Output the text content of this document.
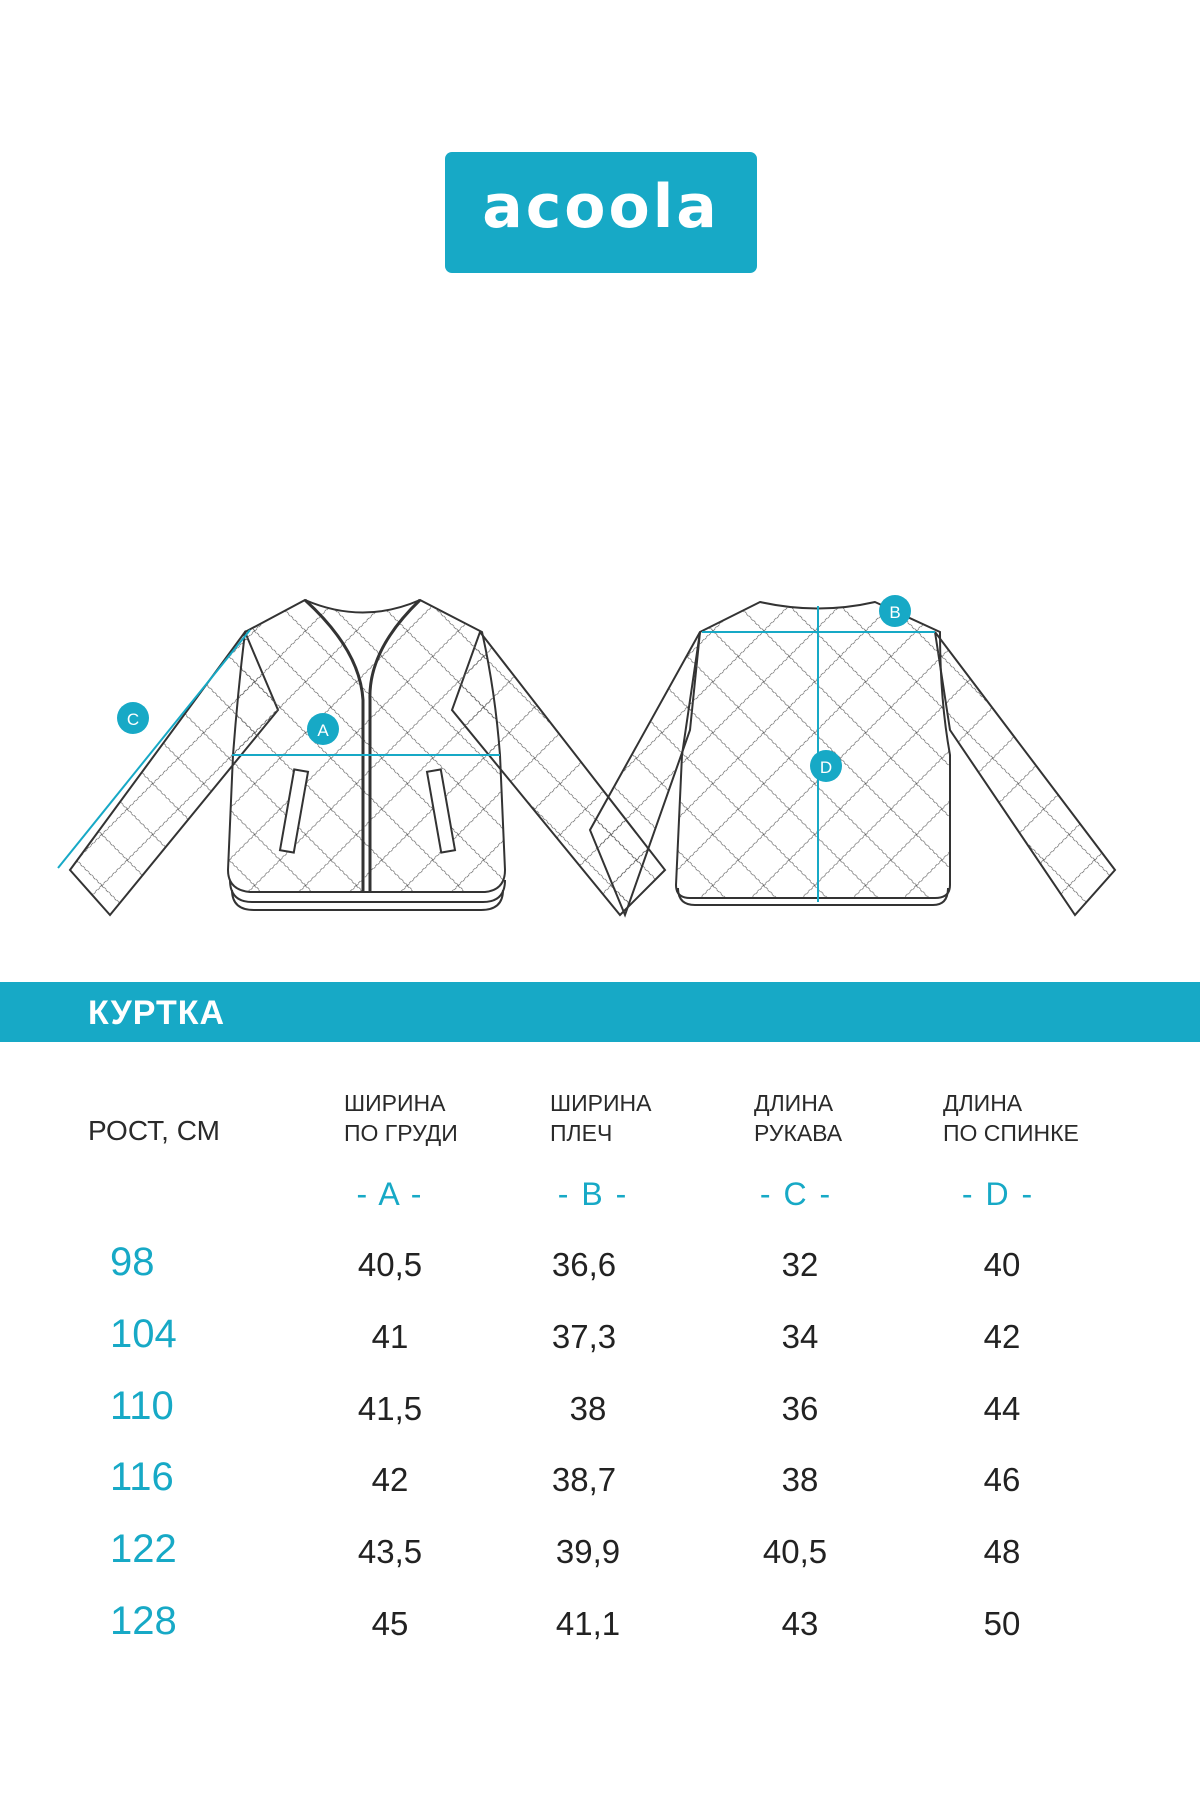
acoola
A
C
B
D
КУРТКА
РОСТ, СМ
ШИРИНА
ПО ГРУДИ
ШИРИНА
ПЛЕЧ
ДЛИНА
РУКАВА
ДЛИНА
ПО СПИНКЕ
- A -	- B -	- C -	- D -
98	40,5	36,6	32	40
104	41	37,3	34	42
110	41,5	38	36	44
116	42	38,7	38	46
122	43,5	39,9	40,5	48
128	45	41,1	43	50
